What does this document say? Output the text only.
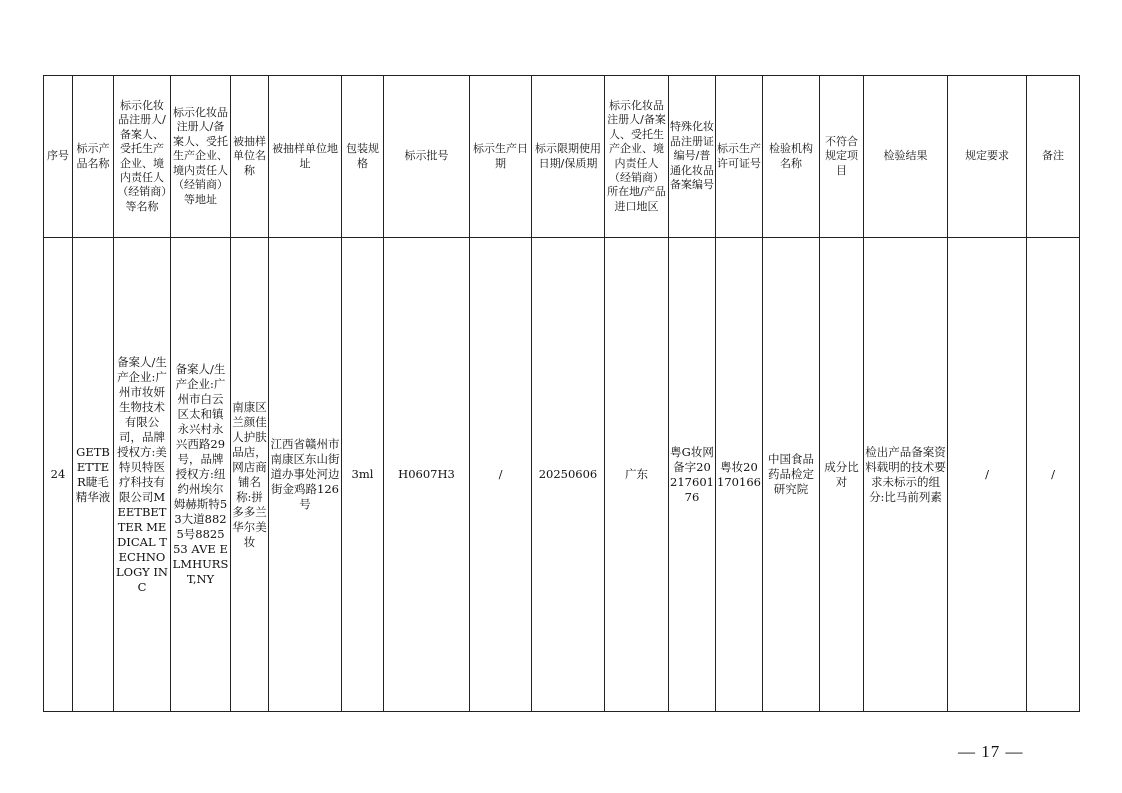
序号	标示产品名称	标示化妆品注册人/备案人、受托生产企业、境内责任人（经销商）等名称	标示化妆品注册人/备案人、受托生产企业、境内责任人（经销商）等地址	被抽样单位名称	被抽样单位地址	包装规格	标示批号	标示生产日期	标示限期使用日期/保质期	标示化妆品注册人/备案人、受托生产企业、境内责任人（经销商）所在地/产品进口地区	特殊化妆品注册证编号/普通化妆品备案编号	标示生产许可证号	检验机构名称	不符合规定项目	检验结果	规定要求	备注
24	GETBETTER睫毛精华液	备案人/生产企业:广州市妆妍生物技术有限公司，品牌授权方:美特贝特医疗科技有限公司MEETBETTER MEDICAL TECHNOLOGY INC	备案人/生产企业:广州市白云区太和镇永兴村永兴西路29号，品牌授权方:纽约州埃尔姆赫斯特53大道8825号8825 53 AVE ELMHURST,NY	南康区兰颜佳人护肤品店，网店商铺名称:拼多多兰华尔美妆	江西省赣州市南康区东山街道办事处河边街金鸡路126号	3ml	H0607H3	/	20250606	广东	粤G妆网备字2021760176	粤妆20170166	中国食品药品检定研究院	成分比对	检出产品备案资料载明的技术要求未标示的组分:比马前列素	/	/
— 17 —
